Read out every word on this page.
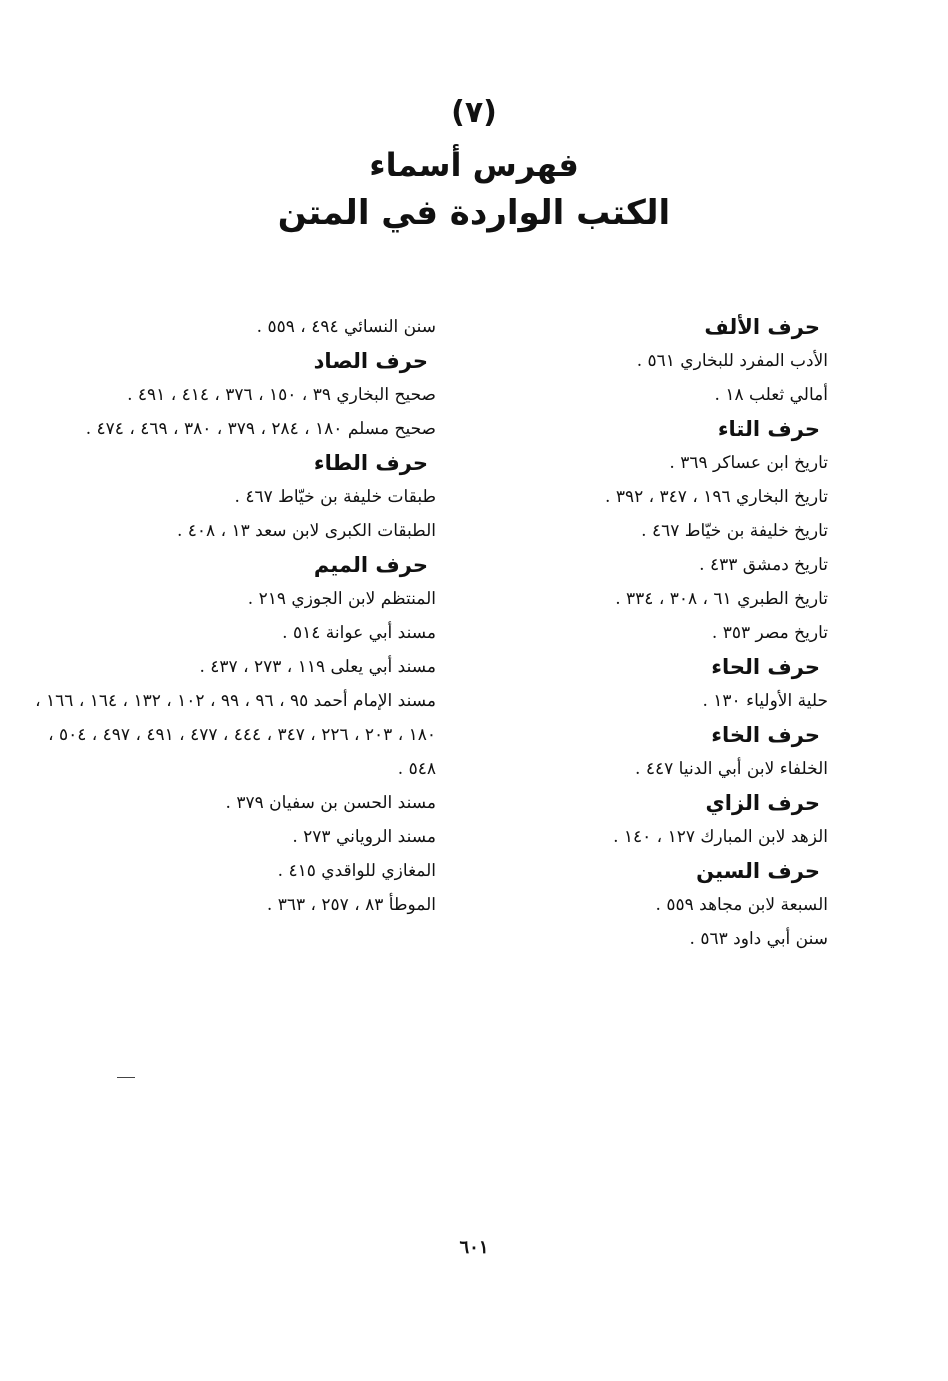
(٧)
فهرس أسماء
الكتب الواردة في المتن
حرف الألف
الأدب المفرد للبخاري ٥٦١ .
أمالي ثعلب ١٨ .
حرف التاء
تاريخ ابن عساكر ٣٦٩ .
تاريخ البخاري ١٩٦ ، ٣٤٧ ، ٣٩٢ .
تاريخ خليفة بن خيّاط ٤٦٧ .
تاريخ دمشق ٤٣٣ .
تاريخ الطبري ٦١ ، ٣٠٨ ، ٣٣٤ .
تاريخ مصر ٣٥٣ .
حرف الحاء
حلية الأولياء ١٣٠ .
حرف الخاء
الخلفاء لابن أبي الدنيا ٤٤٧ .
حرف الزاي
الزهد لابن المبارك ١٢٧ ، ١٤٠ .
حرف السين
السبعة لابن مجاهد ٥٥٩ .
سنن أبي داود ٥٦٣ .
سنن النسائي ٤٩٤ ، ٥٥٩ .
حرف الصاد
صحيح البخاري ٣٩ ، ١٥٠ ، ٣٧٦ ، ٤١٤ ، ٤٩١ .
صحيح مسلم ١٨٠ ، ٢٨٤ ، ٣٧٩ ، ٣٨٠ ، ٤٦٩ ، ٤٧٤ .
حرف الطاء
طبقات خليفة بن خيّاط ٤٦٧ .
الطبقات الكبرى لابن سعد ١٣ ، ٤٠٨ .
حرف الميم
المنتظم لابن الجوزي ٢١٩ .
مسند أبي عوانة ٥١٤ .
مسند أبي يعلى ١١٩ ، ٢٧٣ ، ٤٣٧ .
مسند الإمام أحمد ٩٥ ، ٩٦ ، ٩٩ ، ١٠٢ ، ١٣٢ ، ١٦٤ ، ١٦٦ ، ١٨٠ ، ٢٠٣ ، ٢٢٦ ، ٣٤٧ ، ٤٤٤ ، ٤٧٧ ، ٤٩١ ، ٤٩٧ ، ٥٠٤ ، ٥٤٨ .
مسند الحسن بن سفيان ٣٧٩ .
مسند الروياني ٢٧٣ .
المغازي للواقدي ٤١٥ .
الموطأ ٨٣ ، ٢٥٧ ، ٣٦٣ .
٦٠١
